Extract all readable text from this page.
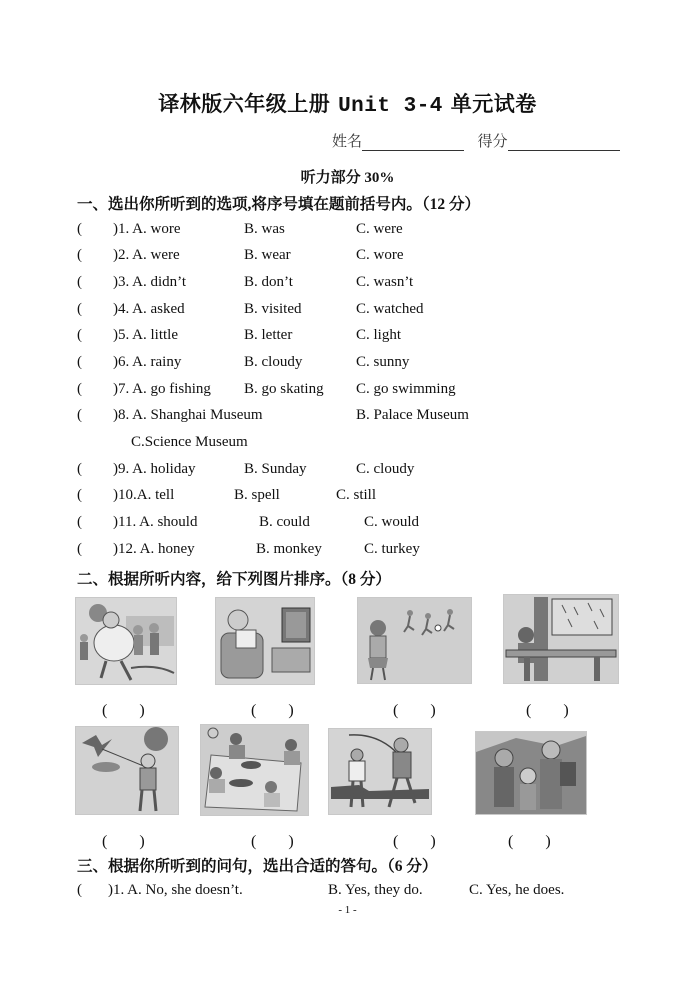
译林版六年级上册 Unit 3-4 单元试卷
姓名	得分
听力部分 30%
一、选出你所听到的选项,将序号填在题前括号内。（12 分）
( )1. A. wore	B. was	C. were
( )2. A. were	B. wear	C. wore
( )3. A. didn’t	B. don’t	C. wasn’t
( )4. A. asked	B. visited	C. watched
( )5. A. little	B. letter	C. light
( )6. A. rainy	B. cloudy	C. sunny
( )7. A. go fishing B. go skating C. go swimming
( )8. A. Shanghai Museum	B. Palace Museum
C.Science Museum
( )9. A. holiday	B. Sunday	C. cloudy
( )10.A. tell	B. spell	C. still
( )11. A. should	B. could	C. would
( )12. A. honey	B. monkey	C. turkey
二、根据所听内容，给下列图片排序。（8 分）
(　　)	(　　)	(　　)	(　　)
(　　)	(　　)	(　　)	(　　)
三、根据你所听到的问句，选出合适的答句。（6 分）
( )1. A. No, she doesn’t.	B. Yes, they do.	C. Yes, he does.
- 1 -
